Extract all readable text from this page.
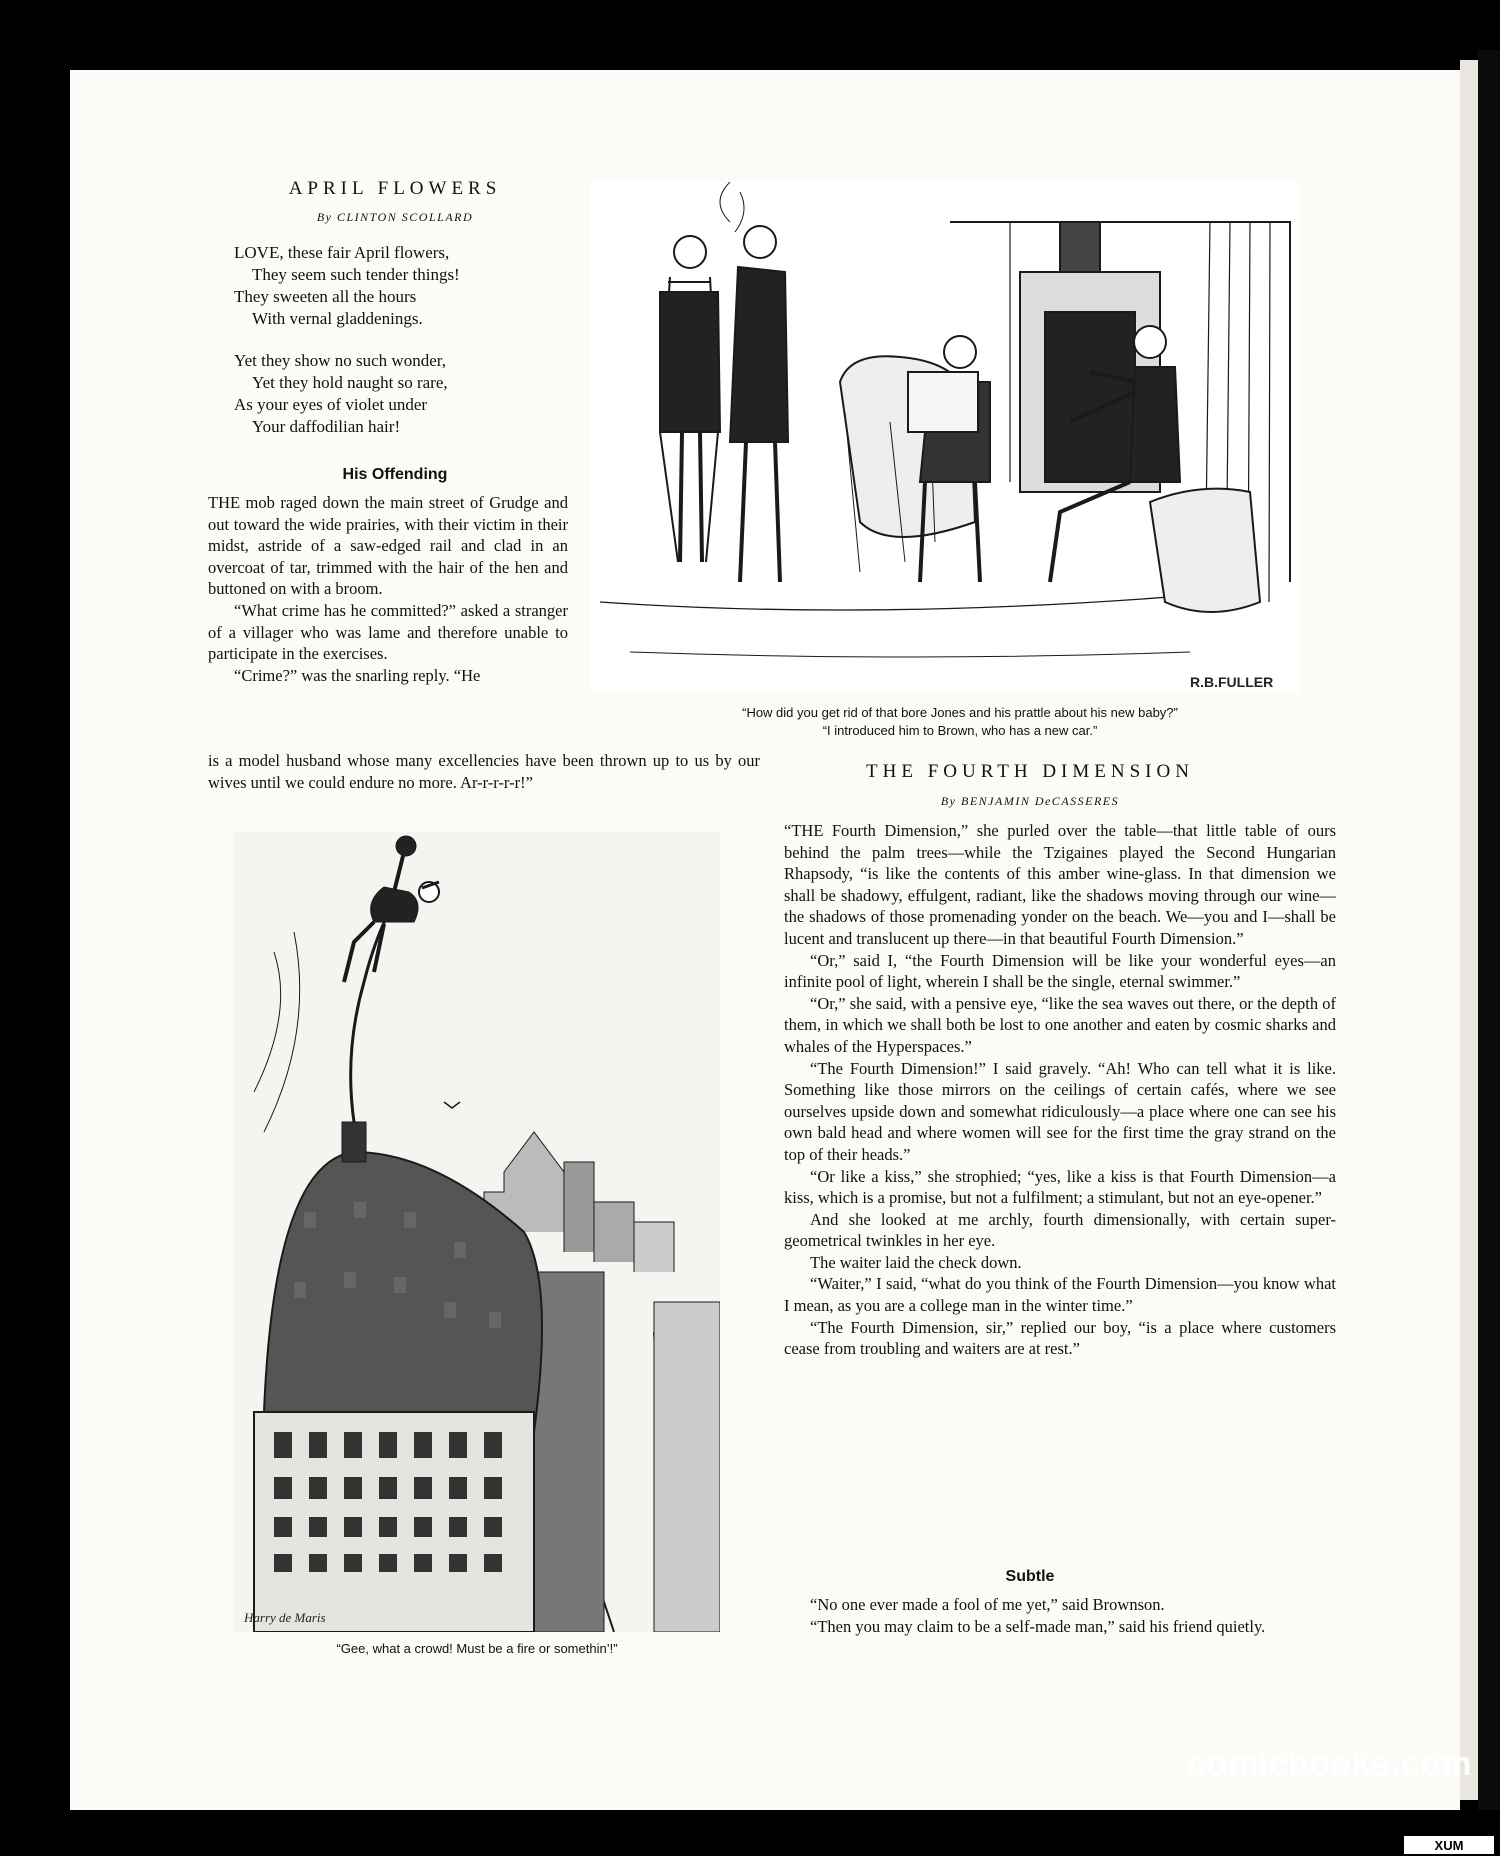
APRIL FLOWERS
By CLINTON SCOLLARD
LOVE, these fair April flowers,
They seem such tender things!
They sweeten all the hours
With vernal gladdenings.
Yet they show no such wonder,
Yet they hold naught so rare,
As your eyes of violet under
Your daffodilian hair!
His Offending

THE mob raged down the main street of Grudge and out toward the wide prairies, with their victim in their midst, astride of a saw-edged rail and clad in an overcoat of tar, trimmed with the hair of the hen and buttoned on with a broom.

“What crime has he committed?” asked a stranger of a villager who was lame and therefore unable to participate in the exercises.

“Crime?” was the snarling reply. “He

is a model husband whose many excellencies have been thrown up to us by our wives until we could endure no more. Ar-r-r-r-r!”
R.B.FULLER
“How did you get rid of that bore Jones and his prattle about his new baby?”
“I introduced him to Brown, who has a new car.”
Harry de Maris
“Gee, what a crowd! Must be a fire or somethin’!”
THE FOURTH DIMENSION
By BENJAMIN DeCASSERES

“THE Fourth Dimension,” she purled over the table—that little table of ours behind the palm trees—while the Tzigaines played the Second Hungarian Rhapsody, “is like the contents of this amber wine-glass. In that dimension we shall be shadowy, effulgent, radiant, like the shadows moving through our wine—the shadows of those promenading yonder on the beach. We—you and I—shall be lucent and translucent up there—in that beautiful Fourth Dimension.”

“Or,” said I, “the Fourth Dimension will be like your wonderful eyes—an infinite pool of light, wherein I shall be the single, eternal swimmer.”

“Or,” she said, with a pensive eye, “like the sea waves out there, or the depth of them, in which we shall both be lost to one another and eaten by cosmic sharks and whales of the Hyperspaces.”

“The Fourth Dimension!” I said gravely. “Ah! Who can tell what it is like. Something like those mirrors on the ceilings of certain cafés, where we see ourselves upside down and somewhat ridiculously—a place where one can see his own bald head and where women will see for the first time the gray strand on the top of their heads.”

“Or like a kiss,” she strophied; “yes, like a kiss is that Fourth Dimension—a kiss, which is a promise, but not a fulfilment; a stimulant, but not an eye-opener.”

And she looked at me archly, fourth dimensionally, with certain super-geometrical twinkles in her eye.

The waiter laid the check down.

“Waiter,” I said, “what do you think of the Fourth Dimension—you know what I mean, as you are a college man in the winter time.”

“The Fourth Dimension, sir,” replied our boy, “is a place where customers cease from troubling and waiters are at rest.”

Subtle

“No one ever made a fool of me yet,” said Brownson.

“Then you may claim to be a self-made man,” said his friend quietly.

comicbooks.com
XUM
